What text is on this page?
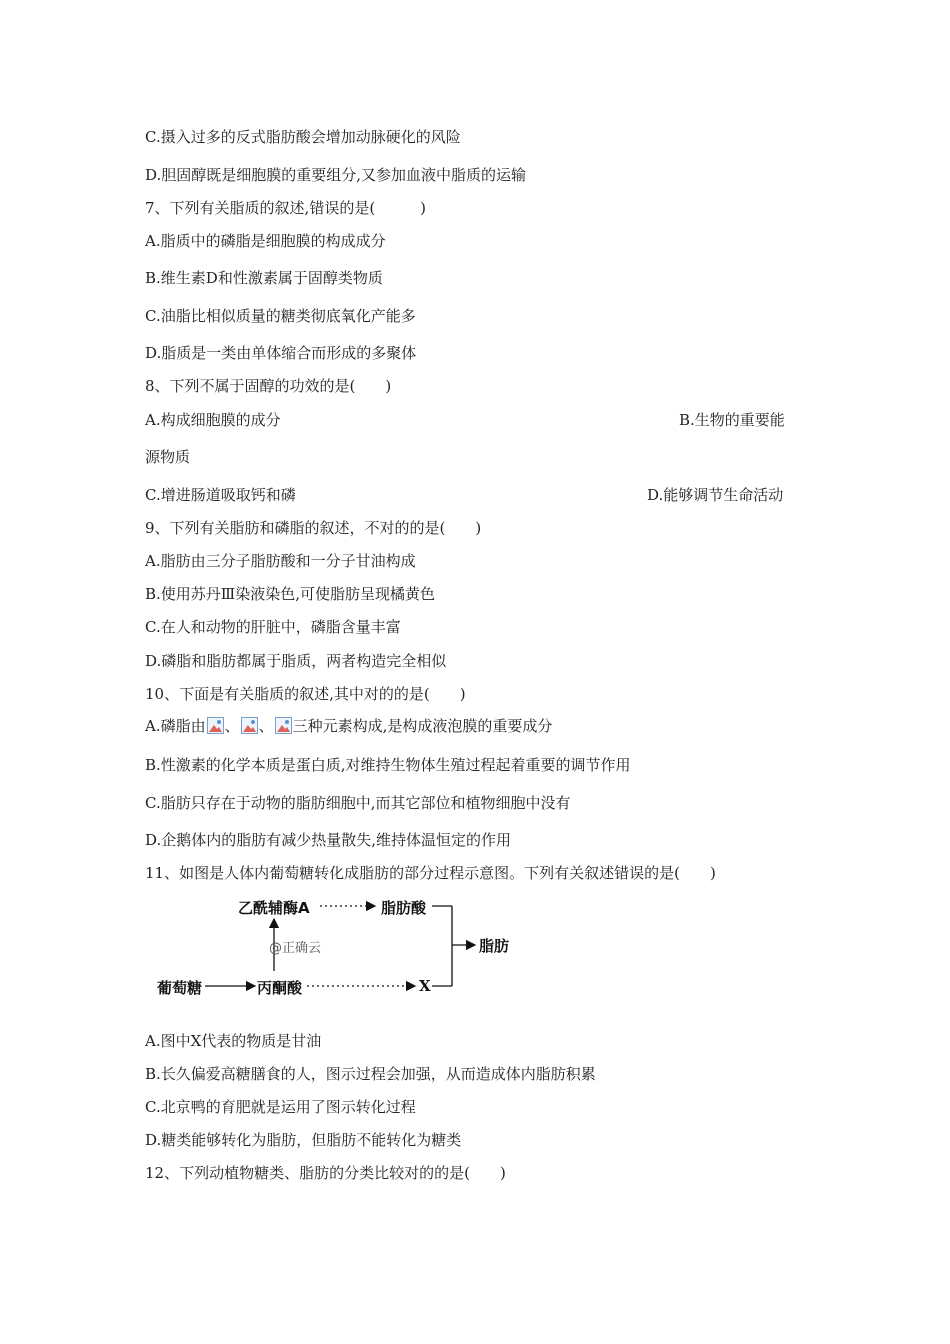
C.摄入过多的反式脂肪酸会增加动脉硬化的风险
D.胆固醇既是细胞膜的重要组分,又参加血液中脂质的运输
7、下列有关脂质的叙述,错误的是(　　　)
A.脂质中的磷脂是细胞膜的构成成分
B.维生素D和性激素属于固醇类物质
C.油脂比相似质量的糖类彻底氧化产能多
D.脂质是一类由单体缩合而形成的多聚体
8、下列不属于固醇的功效的是(　　)
A.构成细胞膜的成分	B.生物的重要能
源物质
C.增进肠道吸取钙和磷	D.能够调节生命活动
9、下列有关脂肪和磷脂的叙述，不对的的是(　　)
A.脂肪由三分子脂肪酸和一分子甘油构成
B.使用苏丹Ⅲ染液染色,可使脂肪呈现橘黄色
C.在人和动物的肝脏中，磷脂含量丰富
D.磷脂和脂肪都属于脂质，两者构造完全相似
10、下面是有关脂质的叙述,其中对的的是(　　)
A.磷脂由 、 、 三种元素构成,是构成液泡膜的重要成分
B.性激素的化学本质是蛋白质,对维持生物体生殖过程起着重要的调节作用
C.脂肪只存在于动物的脂肪细胞中,而其它部位和植物细胞中没有
D.企鹅体内的脂肪有减少热量散失,维持体温恒定的作用
11、如图是人体内葡萄糖转化成脂肪的部分过程示意图。下列有关叙述错误的是(　　)
乙酰辅酶A	脂肪酸
脂肪
葡萄糖	丙酮酸	X
@正确云
A.图中X代表的物质是甘油
B.长久偏爱高糖膳食的人，图示过程会加强，从而造成体内脂肪积累
C.北京鸭的育肥就是运用了图示转化过程
D.糖类能够转化为脂肪，但脂肪不能转化为糖类
12、下列动植物糖类、脂肪的分类比较对的的是(　　)
